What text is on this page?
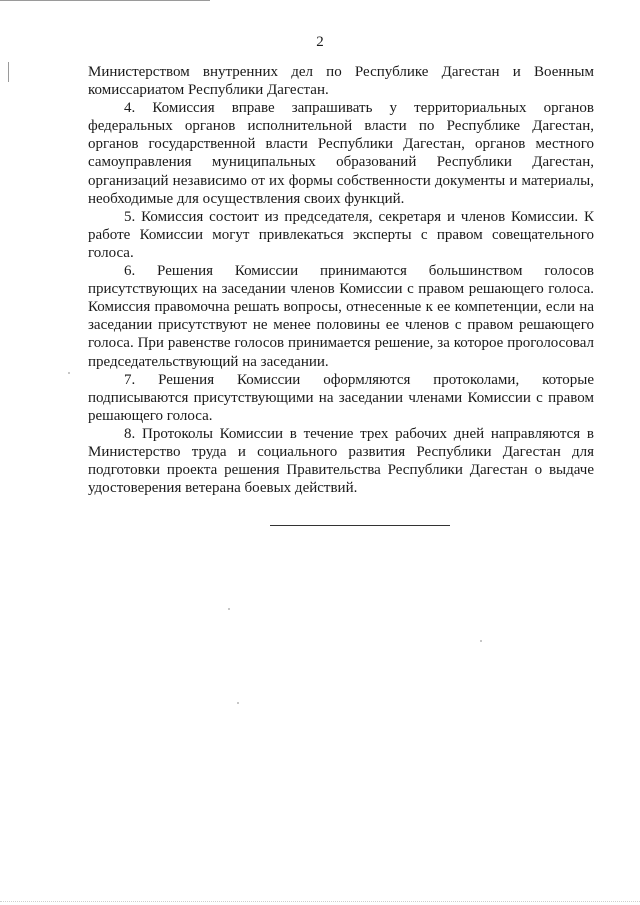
2

Министерством внутренних дел по Республике Дагестан и Военным комиссариатом Республики Дагестан.

4. Комиссия вправе запрашивать у территориальных органов федеральных органов исполнительной власти по Республике Дагестан, органов государственной власти Республики Дагестан, органов местного самоуправления муниципальных образований Республики Дагестан, организаций независимо от их формы собственности документы и материалы, необходимые для осуществления своих функций.

5. Комиссия состоит из председателя, секретаря и членов Комиссии. К работе Комиссии могут привлекаться эксперты с правом совещательного голоса.

6. Решения Комиссии принимаются большинством голосов присутствующих на заседании членов Комиссии с правом решающего голоса. Комиссия правомочна решать вопросы, отнесенные к ее компетенции, если на заседании присутствуют не менее половины ее членов с правом решающего голоса. При равенстве голосов принимается решение, за которое проголосовал председательствующий на заседании.

7. Решения Комиссии оформляются протоколами, которые подписываются присутствующими на заседании членами Комиссии с правом решающего голоса.

8. Протоколы Комиссии в течение трех рабочих дней направляются в Министерство труда и социального развития Республики Дагестан для подготовки проекта решения Правительства Республики Дагестан о выдаче удостоверения ветерана боевых действий.
